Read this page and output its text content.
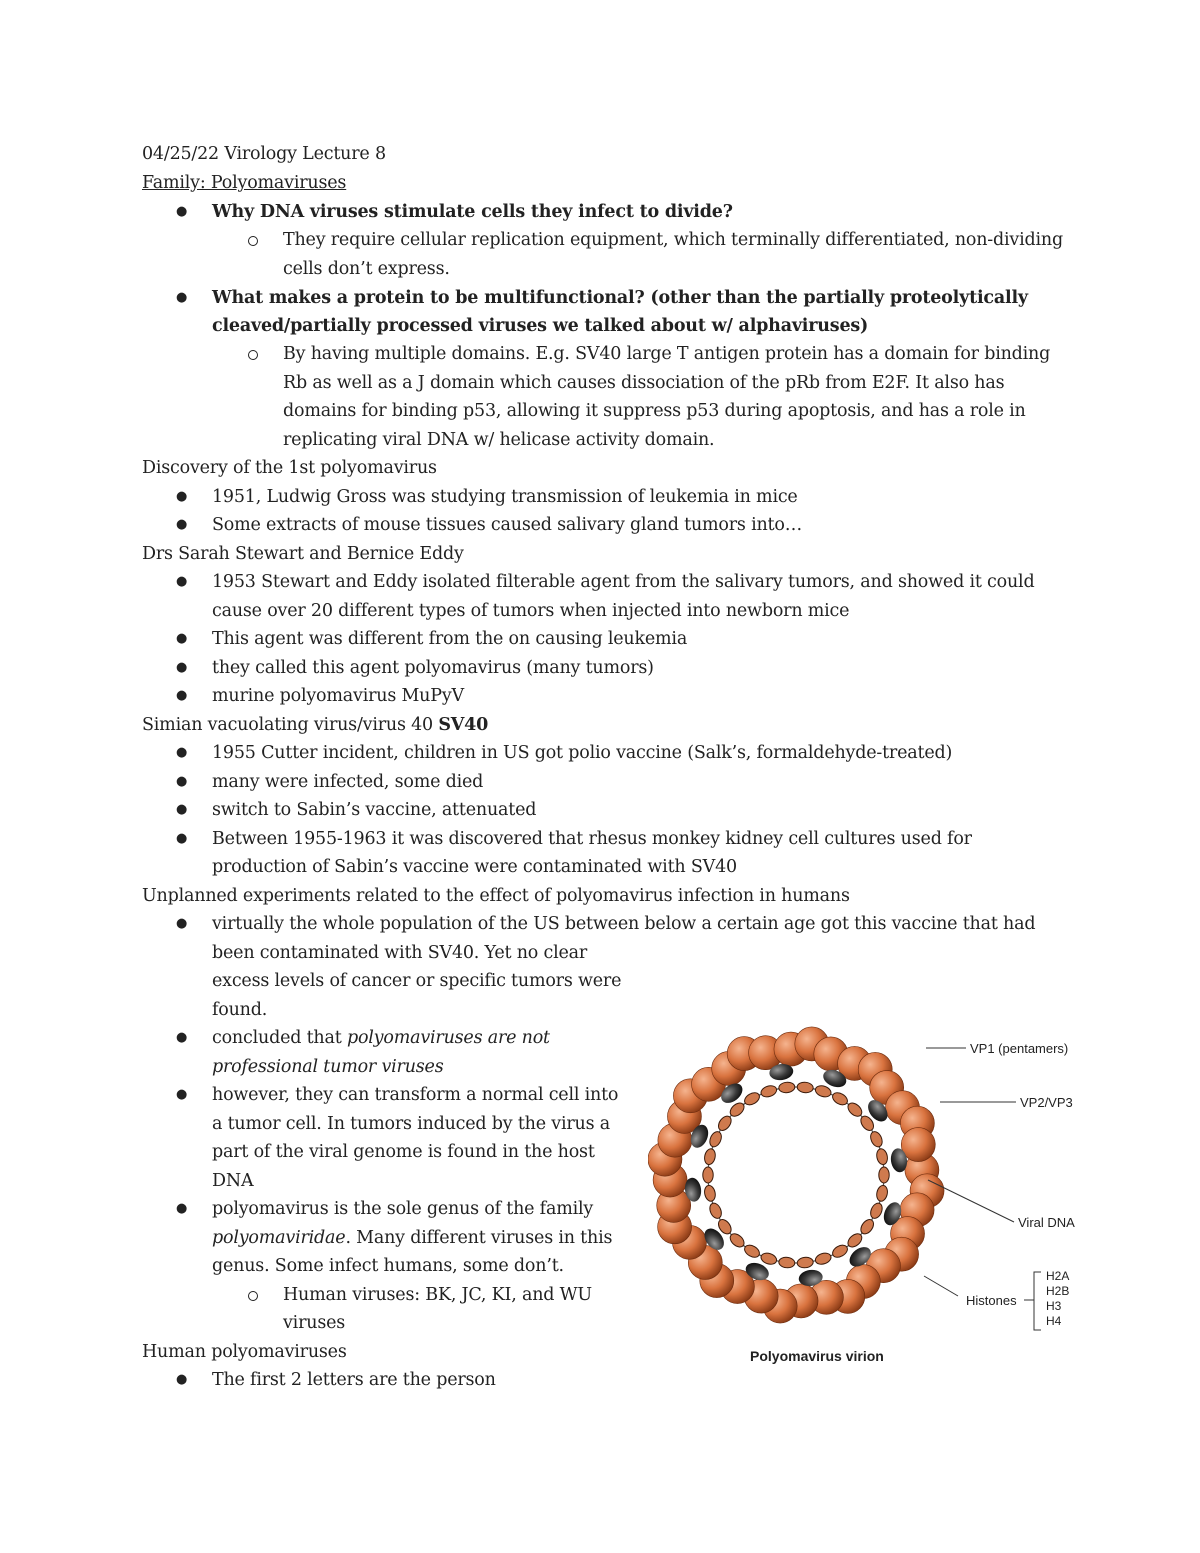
04/25/22 Virology Lecture 8
Family: Polyomaviruses
● Why DNA viruses stimulate cells they infect to divide?
They require cellular replication equipment, which terminally differentiated, non-dividing
cells don’t express.
● What makes a protein to be multifunctional? (other than the partially proteolytically
cleaved/partially processed viruses we talked about w/ alphaviruses)
By having multiple domains. E.g. SV40 large T antigen protein has a domain for binding
Rb as well as a J domain which causes dissociation of the pRb from E2F. It also has
domains for binding p53, allowing it suppress p53 during apoptosis, and has a role in
replicating viral DNA w/ helicase activity domain.
Discovery of the 1st polyomavirus
● 1951, Ludwig Gross was studying transmission of leukemia in mice
● Some extracts of mouse tissues caused salivary gland tumors into…
Drs Sarah Stewart and Bernice Eddy
● 1953 Stewart and Eddy isolated filterable agent from the salivary tumors, and showed it could
cause over 20 different types of tumors when injected into newborn mice
● This agent was different from the on causing leukemia
● they called this agent polyomavirus (many tumors)
● murine polyomavirus MuPyV
Simian vacuolating virus/virus 40 SV40
● 1955 Cutter incident, children in US got polio vaccine (Salk’s, formaldehyde-treated)
● many were infected, some died
● switch to Sabin’s vaccine, attenuated
● Between 1955-1963 it was discovered that rhesus monkey kidney cell cultures used for
production of Sabin’s vaccine were contaminated with SV40
Unplanned experiments related to the effect of polyomavirus infection in humans
● virtually the whole population of the US between below a certain age got this vaccine that had
been contaminated with SV40. Yet no clear
excess levels of cancer or specific tumors were
found.
● concluded that polyomaviruses are not
professional tumor viruses
● however, they can transform a normal cell into
a tumor cell. In tumors induced by the virus a
part of the viral genome is found in the host
DNA
● polyomavirus is the sole genus of the family
polyomaviridae. Many different viruses in this
genus. Some infect humans, some don’t.
Human viruses: BK, JC, KI, and WU
viruses
Human polyomaviruses
● The first 2 letters are the person
VP1 (pentamers)
VP2/VP3
Viral DNA
Histones
H2A
H2B
H3
H4
Polyomavirus virion
